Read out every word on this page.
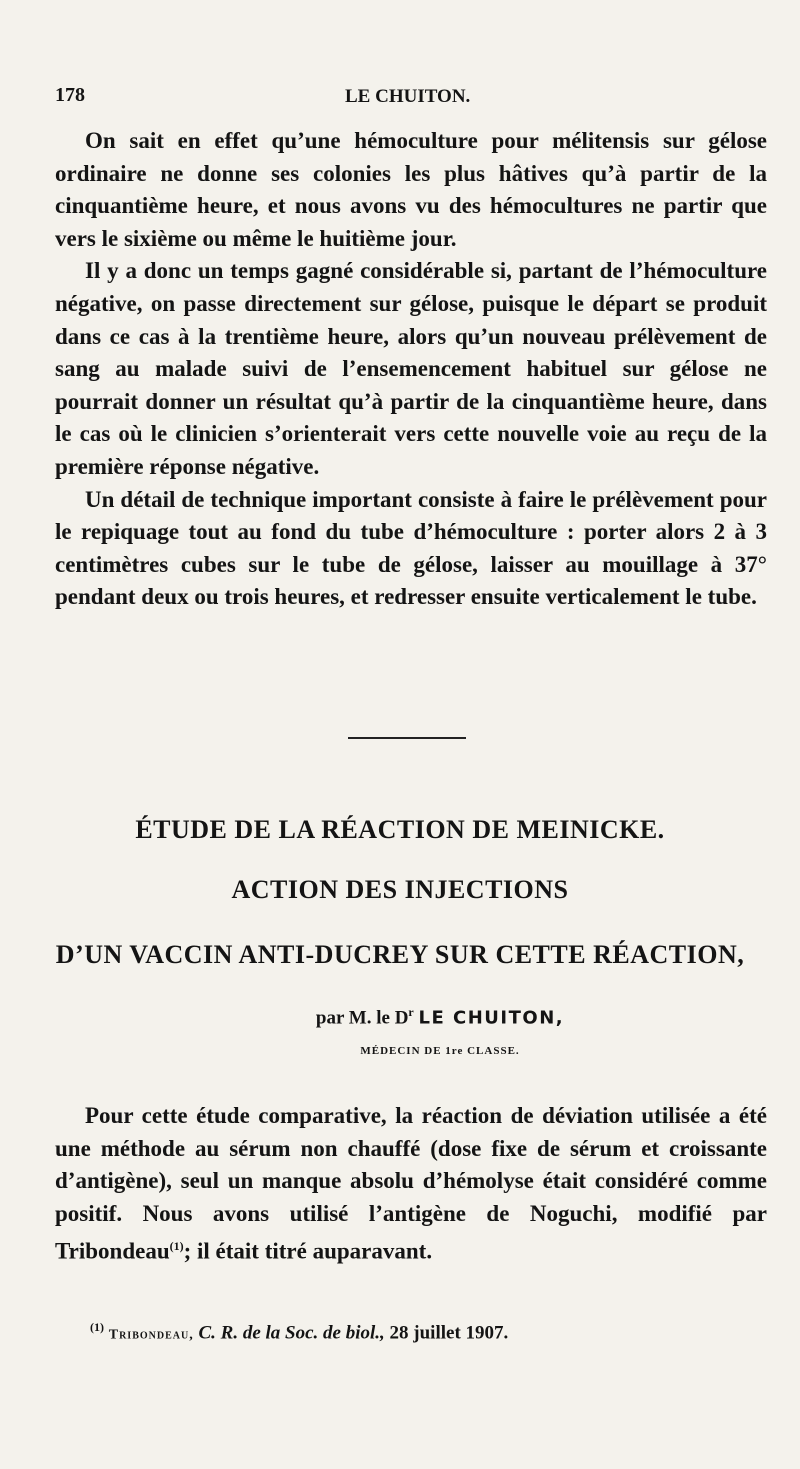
178	LE CHUITON.

On sait en effet qu’une hémoculture pour mélitensis sur gélose ordinaire ne donne ses colonies les plus hâtives qu’à partir de la cinquantième heure, et nous avons vu des hémocultures ne partir que vers le sixième ou même le huitième jour.

Il y a donc un temps gagné considérable si, partant de l’hémoculture négative, on passe directement sur gélose, puisque le départ se produit dans ce cas à la trentième heure, alors qu’un nouveau prélèvement de sang au malade suivi de l’ensemencement habituel sur gélose ne pourrait donner un résultat qu’à partir de la cinquantième heure, dans le cas où le clinicien s’orienterait vers cette nouvelle voie au reçu de la première réponse négative.

Un détail de technique important consiste à faire le prélèvement pour le repiquage tout au fond du tube d’hémoculture : porter alors 2 à 3 centimètres cubes sur le tube de gélose, laisser au mouillage à 37° pendant deux ou trois heures, et redresser ensuite verticalement le tube.

ÉTUDE DE LA RÉACTION DE MEINICKE.
ACTION DES INJECTIONS
D’UN VACCIN ANTI-DUCREY SUR CETTE RÉACTION,
par M. le $D^r$ LE CHUITON,
MÉDECIN DE 1re CLASSE.

Pour cette étude comparative, la réaction de déviation utilisée a été une méthode au sérum non chauffé (dose fixe de sérum et croissante d’antigène), seul un manque absolu d’hémolyse était considéré comme positif. Nous avons utilisé l’antigène de Noguchi, modifié par Tribondeau$^{(1)}$; il était titré auparavant.

$^{(1)}$ Tribondeau, C. R. de la Soc. de biol., 28 juillet 1907.
